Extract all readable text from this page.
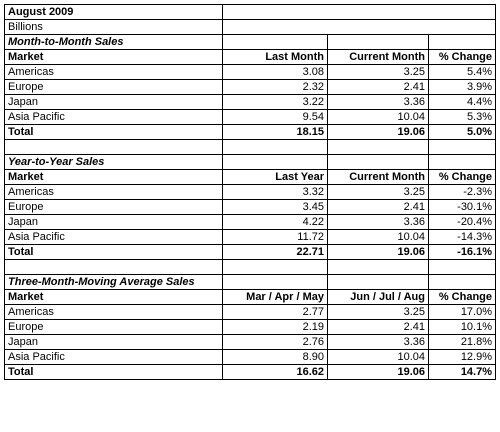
August 2009			
Billions			
Month-to-Month Sales			
Market	Last Month	Current Month	% Change
Americas	3.08	3.25	5.4%
Europe	2.32	2.41	3.9%
Japan	3.22	3.36	4.4%
Asia Pacific	9.54	10.04	5.3%
Total	18.15	19.06	5.0%

Year-to-Year Sales			
Market	Last Year	Current Month	% Change
Americas	3.32	3.25	-2.3%
Europe	3.45	2.41	-30.1%
Japan	4.22	3.36	-20.4%
Asia Pacific	11.72	10.04	-14.3%
Total	22.71	19.06	-16.1%

Three-Month-Moving Average Sales			
Market	Mar / Apr / May	Jun / Jul / Aug	% Change
Americas	2.77	3.25	17.0%
Europe	2.19	2.41	10.1%
Japan	2.76	3.36	21.8%
Asia Pacific	8.90	10.04	12.9%
Total	16.62	19.06	14.7%
